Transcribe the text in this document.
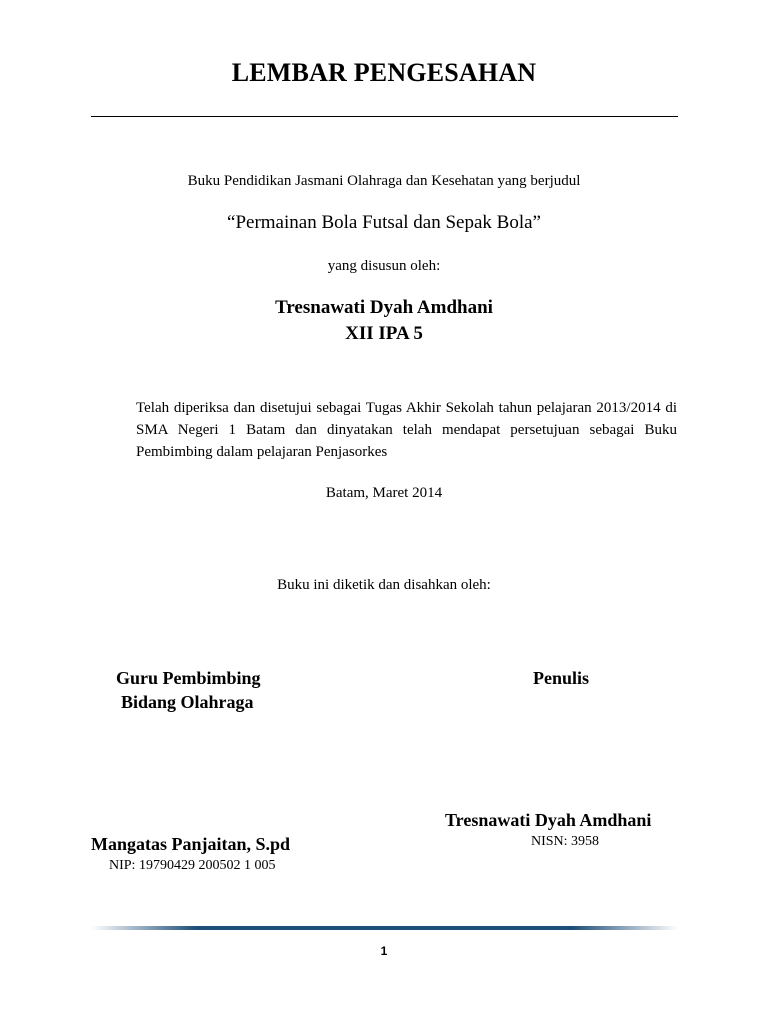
LEMBAR PENGESAHAN
Buku Pendidikan Jasmani Olahraga dan Kesehatan yang berjudul
“Permainan Bola Futsal dan Sepak Bola”
yang disusun oleh:
Tresnawati Dyah Amdhani
XII IPA 5
Telah diperiksa dan disetujui sebagai Tugas Akhir Sekolah tahun pelajaran 2013/2014 di SMA Negeri 1 Batam dan dinyatakan telah mendapat persetujuan sebagai Buku Pembimbing dalam pelajaran Penjasorkes
Batam, Maret 2014
Buku ini diketik dan disahkan oleh:
Guru Pembimbing
Bidang Olahraga
Penulis
Mangatas Panjaitan, S.pd
NIP: 19790429 200502 1 005
Tresnawati Dyah Amdhani
NISN: 3958
1
